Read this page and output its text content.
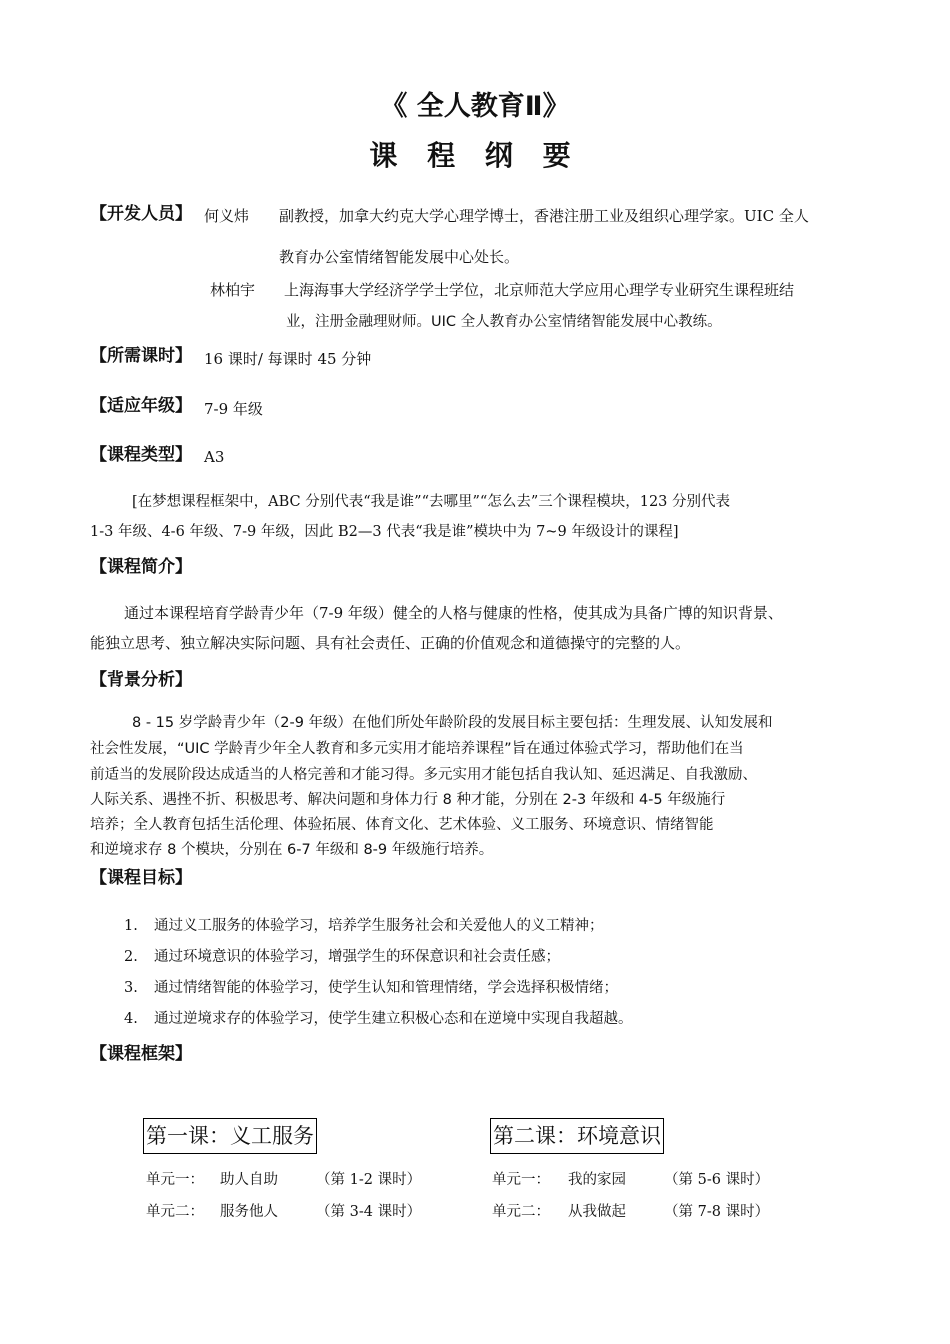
《 全人教育Ⅱ》
课 程 纲 要
【开发人员】 何义炜 副教授，加拿大约克大学心理学博士，香港注册工业及组织心理学家。UIC 全人
教育办公室情绪智能发展中心处长。
林柏宇 上海海事大学经济学学士学位，北京师范大学应用心理学专业研究生课程班结
业，注册金融理财师。UIC 全人教育办公室情绪智能发展中心教练。
【所需课时】 16 课时/ 每课时 45 分钟
【适应年级】 7-9 年级
【课程类型】 A3
[在梦想课程框架中，ABC 分别代表“我是谁”“去哪里”“怎么去”三个课程模块，123 分别代表
1-3 年级、4-6 年级、7-9 年级，因此 B2—3 代表“我是谁”模块中为 7~9 年级设计的课程]
【课程简介】
通过本课程培育学龄青少年（7-9 年级）健全的人格与健康的性格，使其成为具备广博的知识背景、
能独立思考、独立解决实际问题、具有社会责任、正确的价值观念和道德操守的完整的人。
【背景分析】
8 - 15 岁学龄青少年（2-9 年级）在他们所处年龄阶段的发展目标主要包括：生理发展、认知发展和
社会性发展，“UIC 学龄青少年全人教育和多元实用才能培养课程”旨在通过体验式学习，帮助他们在当
前适当的发展阶段达成适当的人格完善和才能习得。多元实用才能包括自我认知、延迟满足、自我激励、
人际关系、遇挫不折、积极思考、解决问题和身体力行 8 种才能，分别在 2-3 年级和 4-5 年级施行
培养；全人教育包括生活伦理、体验拓展、体育文化、艺术体验、义工服务、环境意识、情绪智能
和逆境求存 8 个模块，分别在 6-7 年级和 8-9 年级施行培养。
【课程目标】
1. 通过义工服务的体验学习，培养学生服务社会和关爱他人的义工精神；
2. 通过环境意识的体验学习，增强学生的环保意识和社会责任感；
3. 通过情绪智能的体验学习，使学生认知和管理情绪，学会选择积极情绪；
4. 通过逆境求存的体验学习，使学生建立积极心态和在逆境中实现自我超越。
【课程框架】
第一课：义工服务
单元一： 助人自助	（第 1-2 课时）
单元二： 服务他人	（第 3-4 课时）
第二课：环境意识
单元一： 我的家园	（第 5-6 课时）
单元二： 从我做起	（第 7-8 课时）
